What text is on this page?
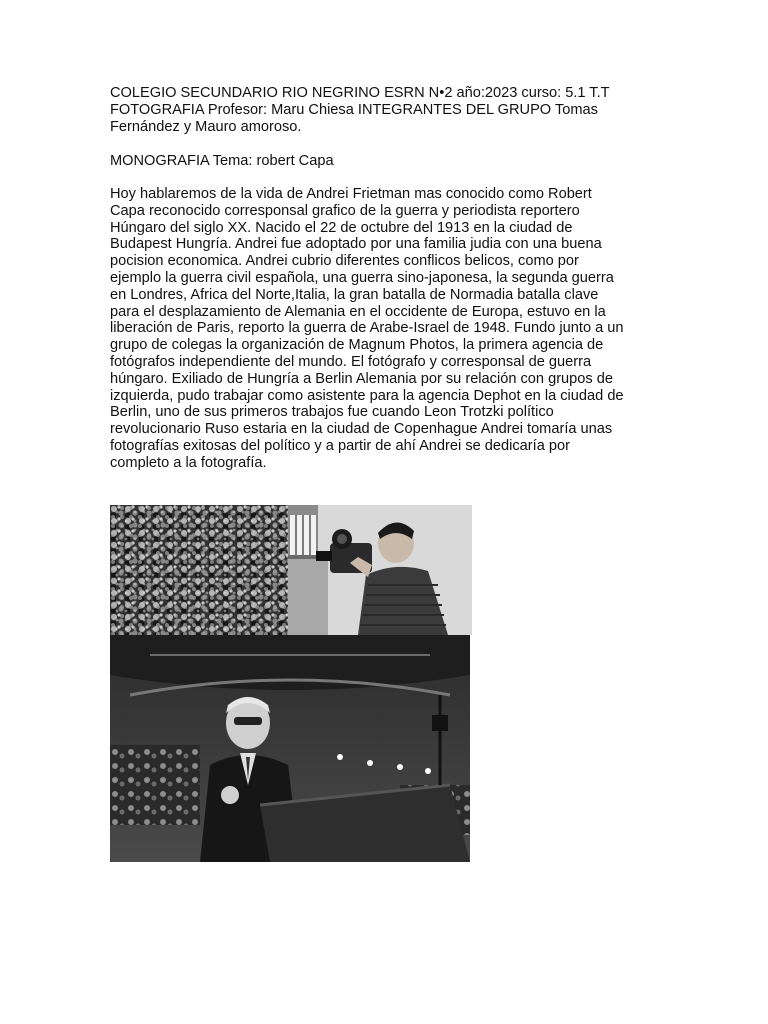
COLEGIO SECUNDARIO RIO NEGRINO ESRN N•2 año:2023 curso: 5.1 T.T
FOTOGRAFIA Profesor: Maru Chiesa INTEGRANTES DEL GRUPO Tomas
Fernández y Mauro amoroso.
MONOGRAFIA Tema: robert Capa
Hoy hablaremos de la vida de Andrei Frietman mas conocido como Robert
Capa reconocido corresponsal grafico de la guerra y periodista reportero
Húngaro del siglo XX. Nacido el 22 de octubre del 1913 en la ciudad de
Budapest Hungría. Andrei fue adoptado por una familia judia con una buena
pocision economica. Andrei cubrio diferentes conflicos belicos, como por
ejemplo la guerra civil española, una guerra sino-japonesa, la segunda guerra
en Londres, Africa del Norte,Italia, la gran batalla de Normadia batalla clave
para el desplazamiento de Alemania en el occidente de Europa, estuvo en la
liberación de Paris, reporto la guerra de Arabe-Israel de 1948. Fundo junto a un
grupo de colegas la organización de Magnum Photos, la primera agencia de
fotógrafos independiente del mundo. El fotógrafo y corresponsal de guerra
húngaro. Exiliado de Hungría a Berlin Alemania por su relación con grupos de
izquierda, pudo trabajar como asistente para la agencia Dephot en la ciudad de
Berlin, uno de sus primeros trabajos fue cuando Leon Trotzki político
revolucionario Ruso estaria en la ciudad de Copenhague Andrei tomaría unas
fotografías exitosas del político y a partir de ahí Andrei se dedicaría por
completo a la fotografía.
